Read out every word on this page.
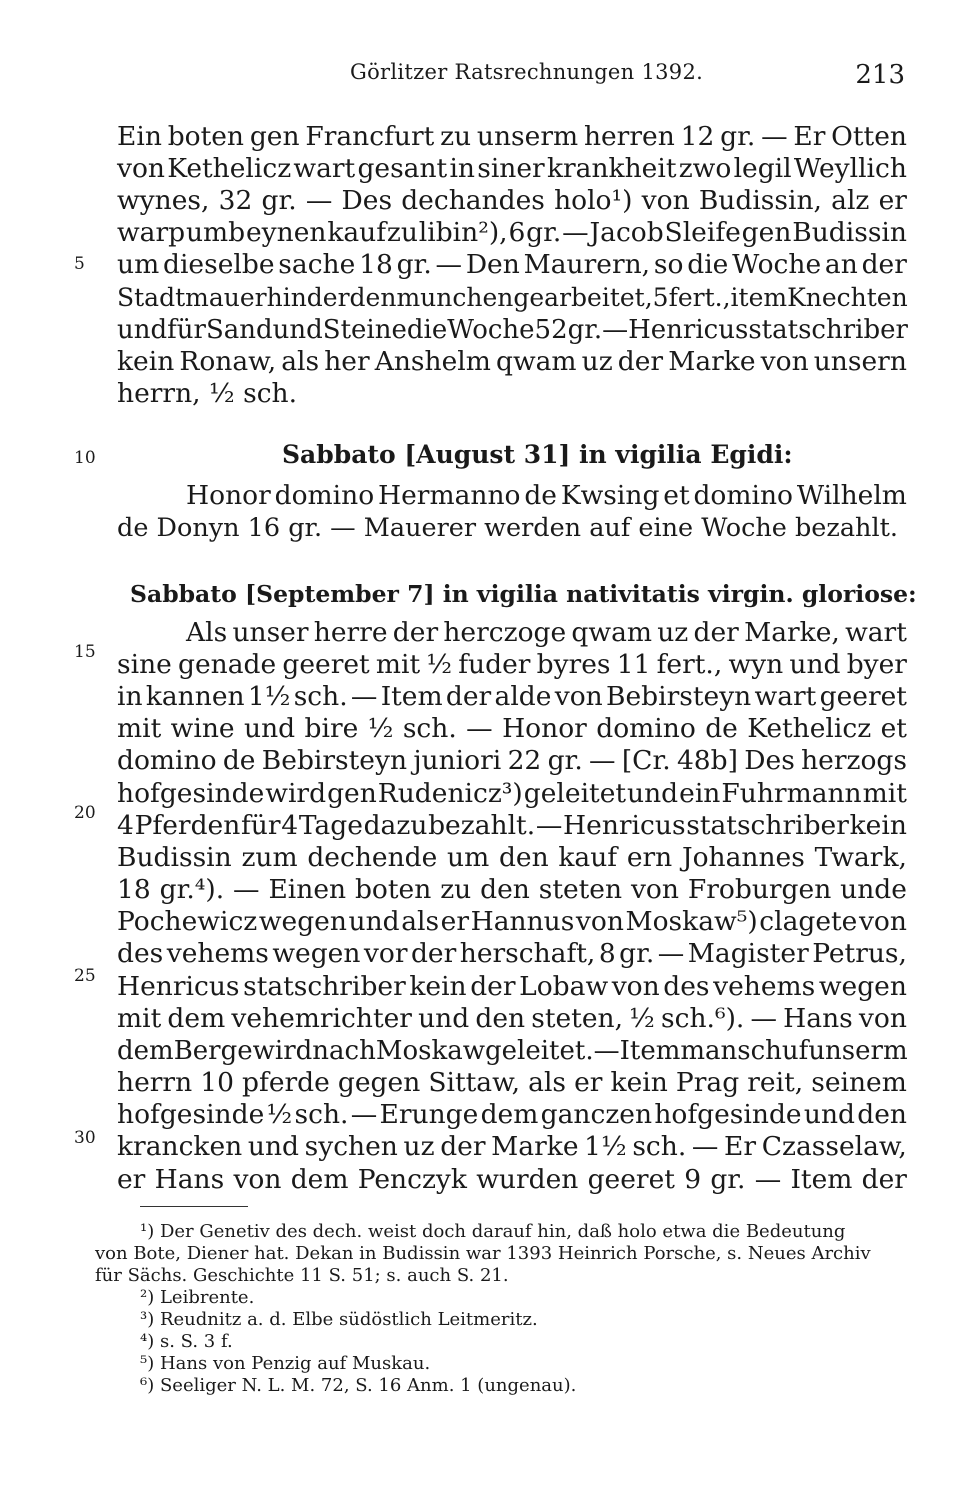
Görlitzer Ratsrechnungen 1392.	213
5
10
15
20
25
30
Ein boten gen Francfurt zu unserm herren 12 gr. — Er Otten
von Kethelicz wart gesant in siner krankheit zwo legil Weyllich
wynes, 32 gr. — Des dechandes holo¹) von Budissin, alz er
warp umb eynen kauf zu libin²), 6 gr. — Jacob Sleife gen Budissin
um dieselbe sache 18 gr. — Den Maurern, so die Woche an der
Stadtmauer hinder den munchen gearbeitet, 5 fert., item Knechten
und für Sand und Steine die Woche 52 gr. — Henricus statschriber
kein Ronaw, als her Anshelm qwam uz der Marke von unsern
herrn, ½ sch.
Sabbato [August 31] in vigilia Egidi:
Honor domino Hermanno de Kwsing et domino Wilhelm
de Donyn 16 gr. — Mauerer werden auf eine Woche bezahlt.
Sabbato [September 7] in vigilia nativitatis virgin. gloriose:
Als unser herre der herczoge qwam uz der Marke, wart
sine genade geeret mit ½ fuder byres 11 fert., wyn und byer
in kannen 1½ sch. — Item der alde von Bebirsteyn wart geeret
mit wine und bire ½ sch. — Honor domino de Kethelicz et
domino de Bebirsteyn juniori 22 gr. — [Cr. 48b] Des herzogs
hofgesinde wird gen Rudenicz³) geleitet und ein Fuhrmann mit
4 Pferden für 4 Tage dazu bezahlt. — Henricus statschriber kein
Budissin zum dechende um den kauf ern Johannes Twark,
18 gr.⁴). — Einen boten zu den steten von Froburgen unde
Pochewicz wegen und als er Hannus von Moskaw⁵) clagete von
des vehems wegen vor der herschaft, 8 gr. — Magister Petrus,
Henricus statschriber kein der Lobaw von des vehems wegen
mit dem vehemrichter und den steten, ½ sch.⁶). — Hans von
dem Berge wird nach Moskaw geleitet. — Item man schuf unserm
herrn 10 pferde gegen Sittaw, als er kein Prag reit, seinem
hofgesinde ½ sch. — Erunge dem ganczen hofgesinde und den
krancken und sychen uz der Marke 1½ sch. — Er Czasselaw,
er Hans von dem Penczyk wurden geeret 9 gr. — Item der
¹) Der Genetiv des dech. weist doch darauf hin, daß holo etwa die Bedeutung
von Bote, Diener hat. Dekan in Budissin war 1393 Heinrich Porsche, s. Neues Archiv
für Sächs. Geschichte 11 S. 51; s. auch S. 21.
²) Leibrente.
³) Reudnitz a. d. Elbe südöstlich Leitmeritz.
⁴) s. S. 3 f.
⁵) Hans von Penzig auf Muskau.
⁶) Seeliger N. L. M. 72, S. 16 Anm. 1 (ungenau).
